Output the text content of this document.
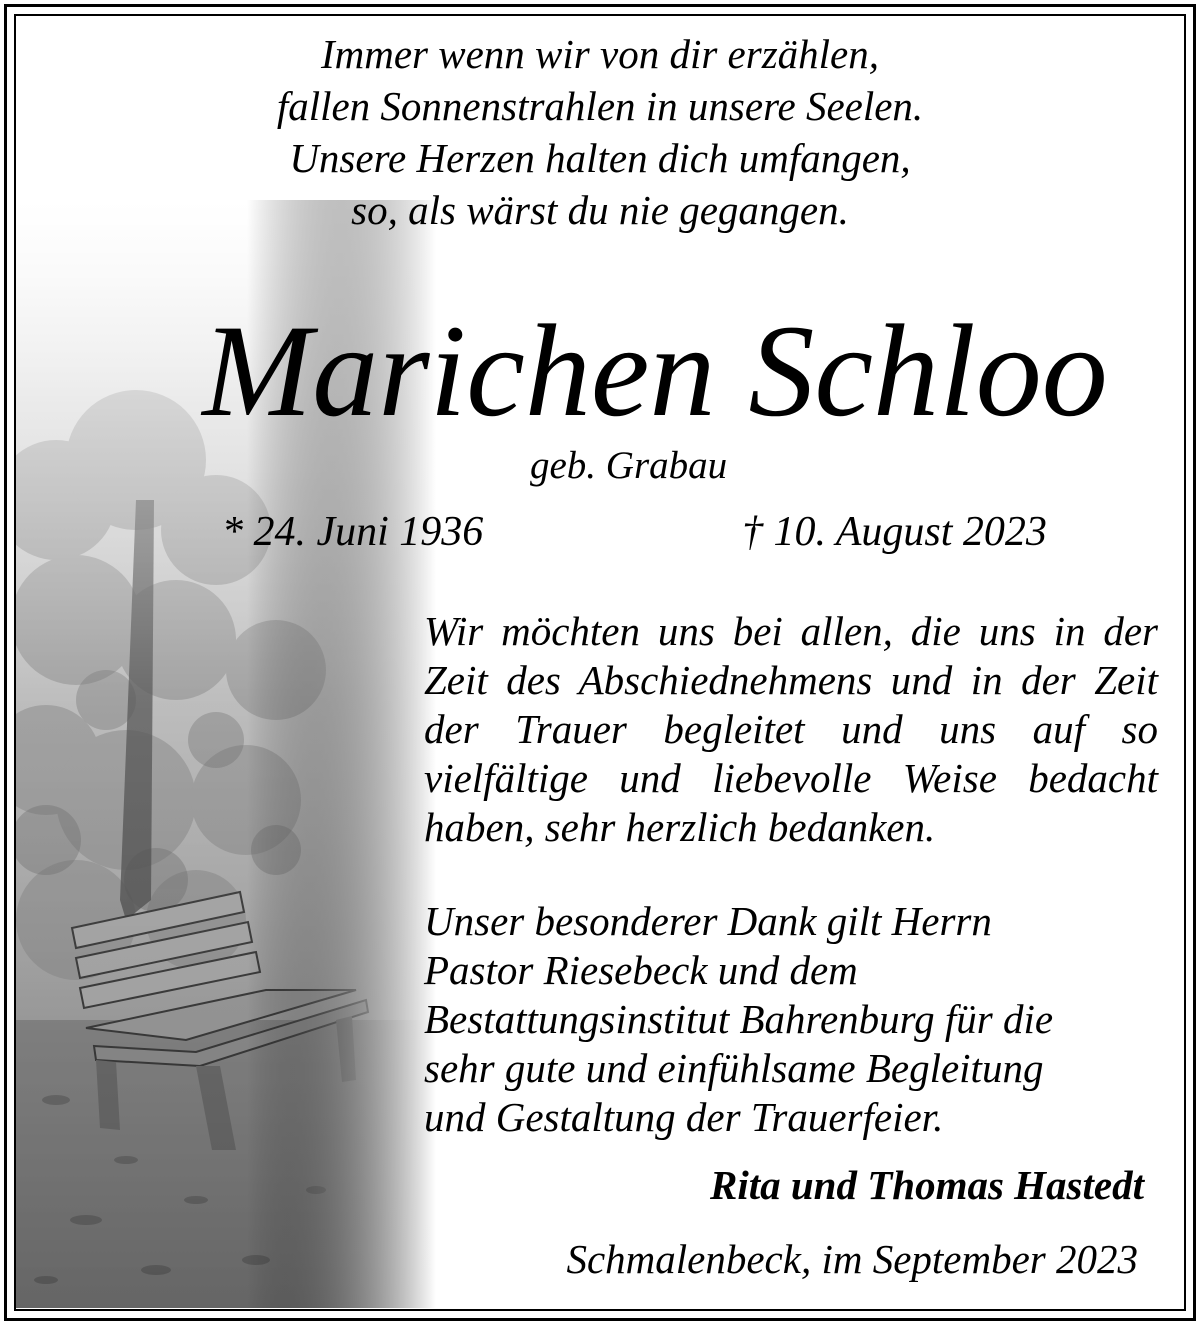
Immer wenn wir von dir erzählen,
fallen Sonnenstrahlen in unsere Seelen.
Unsere Herzen halten dich umfangen,
so, als wärst du nie gegangen.
Marichen Schloo
geb. Grabau
* 24. Juni 1936	† 10. August 2023
Wir möchten uns bei allen, die uns in der Zeit des Abschiednehmens und in der Zeit der Trauer begleitet und uns auf so vielfältige und liebevolle Weise bedacht haben, sehr herzlich bedanken.
Unser besonderer Dank gilt Herrn
Pastor Riesebeck und dem
Bestattungsinstitut Bahrenburg für die
sehr gute und einfühlsame Begleitung
und Gestaltung der Trauerfeier.
Rita und Thomas Hastedt
Schmalenbeck, im September 2023
